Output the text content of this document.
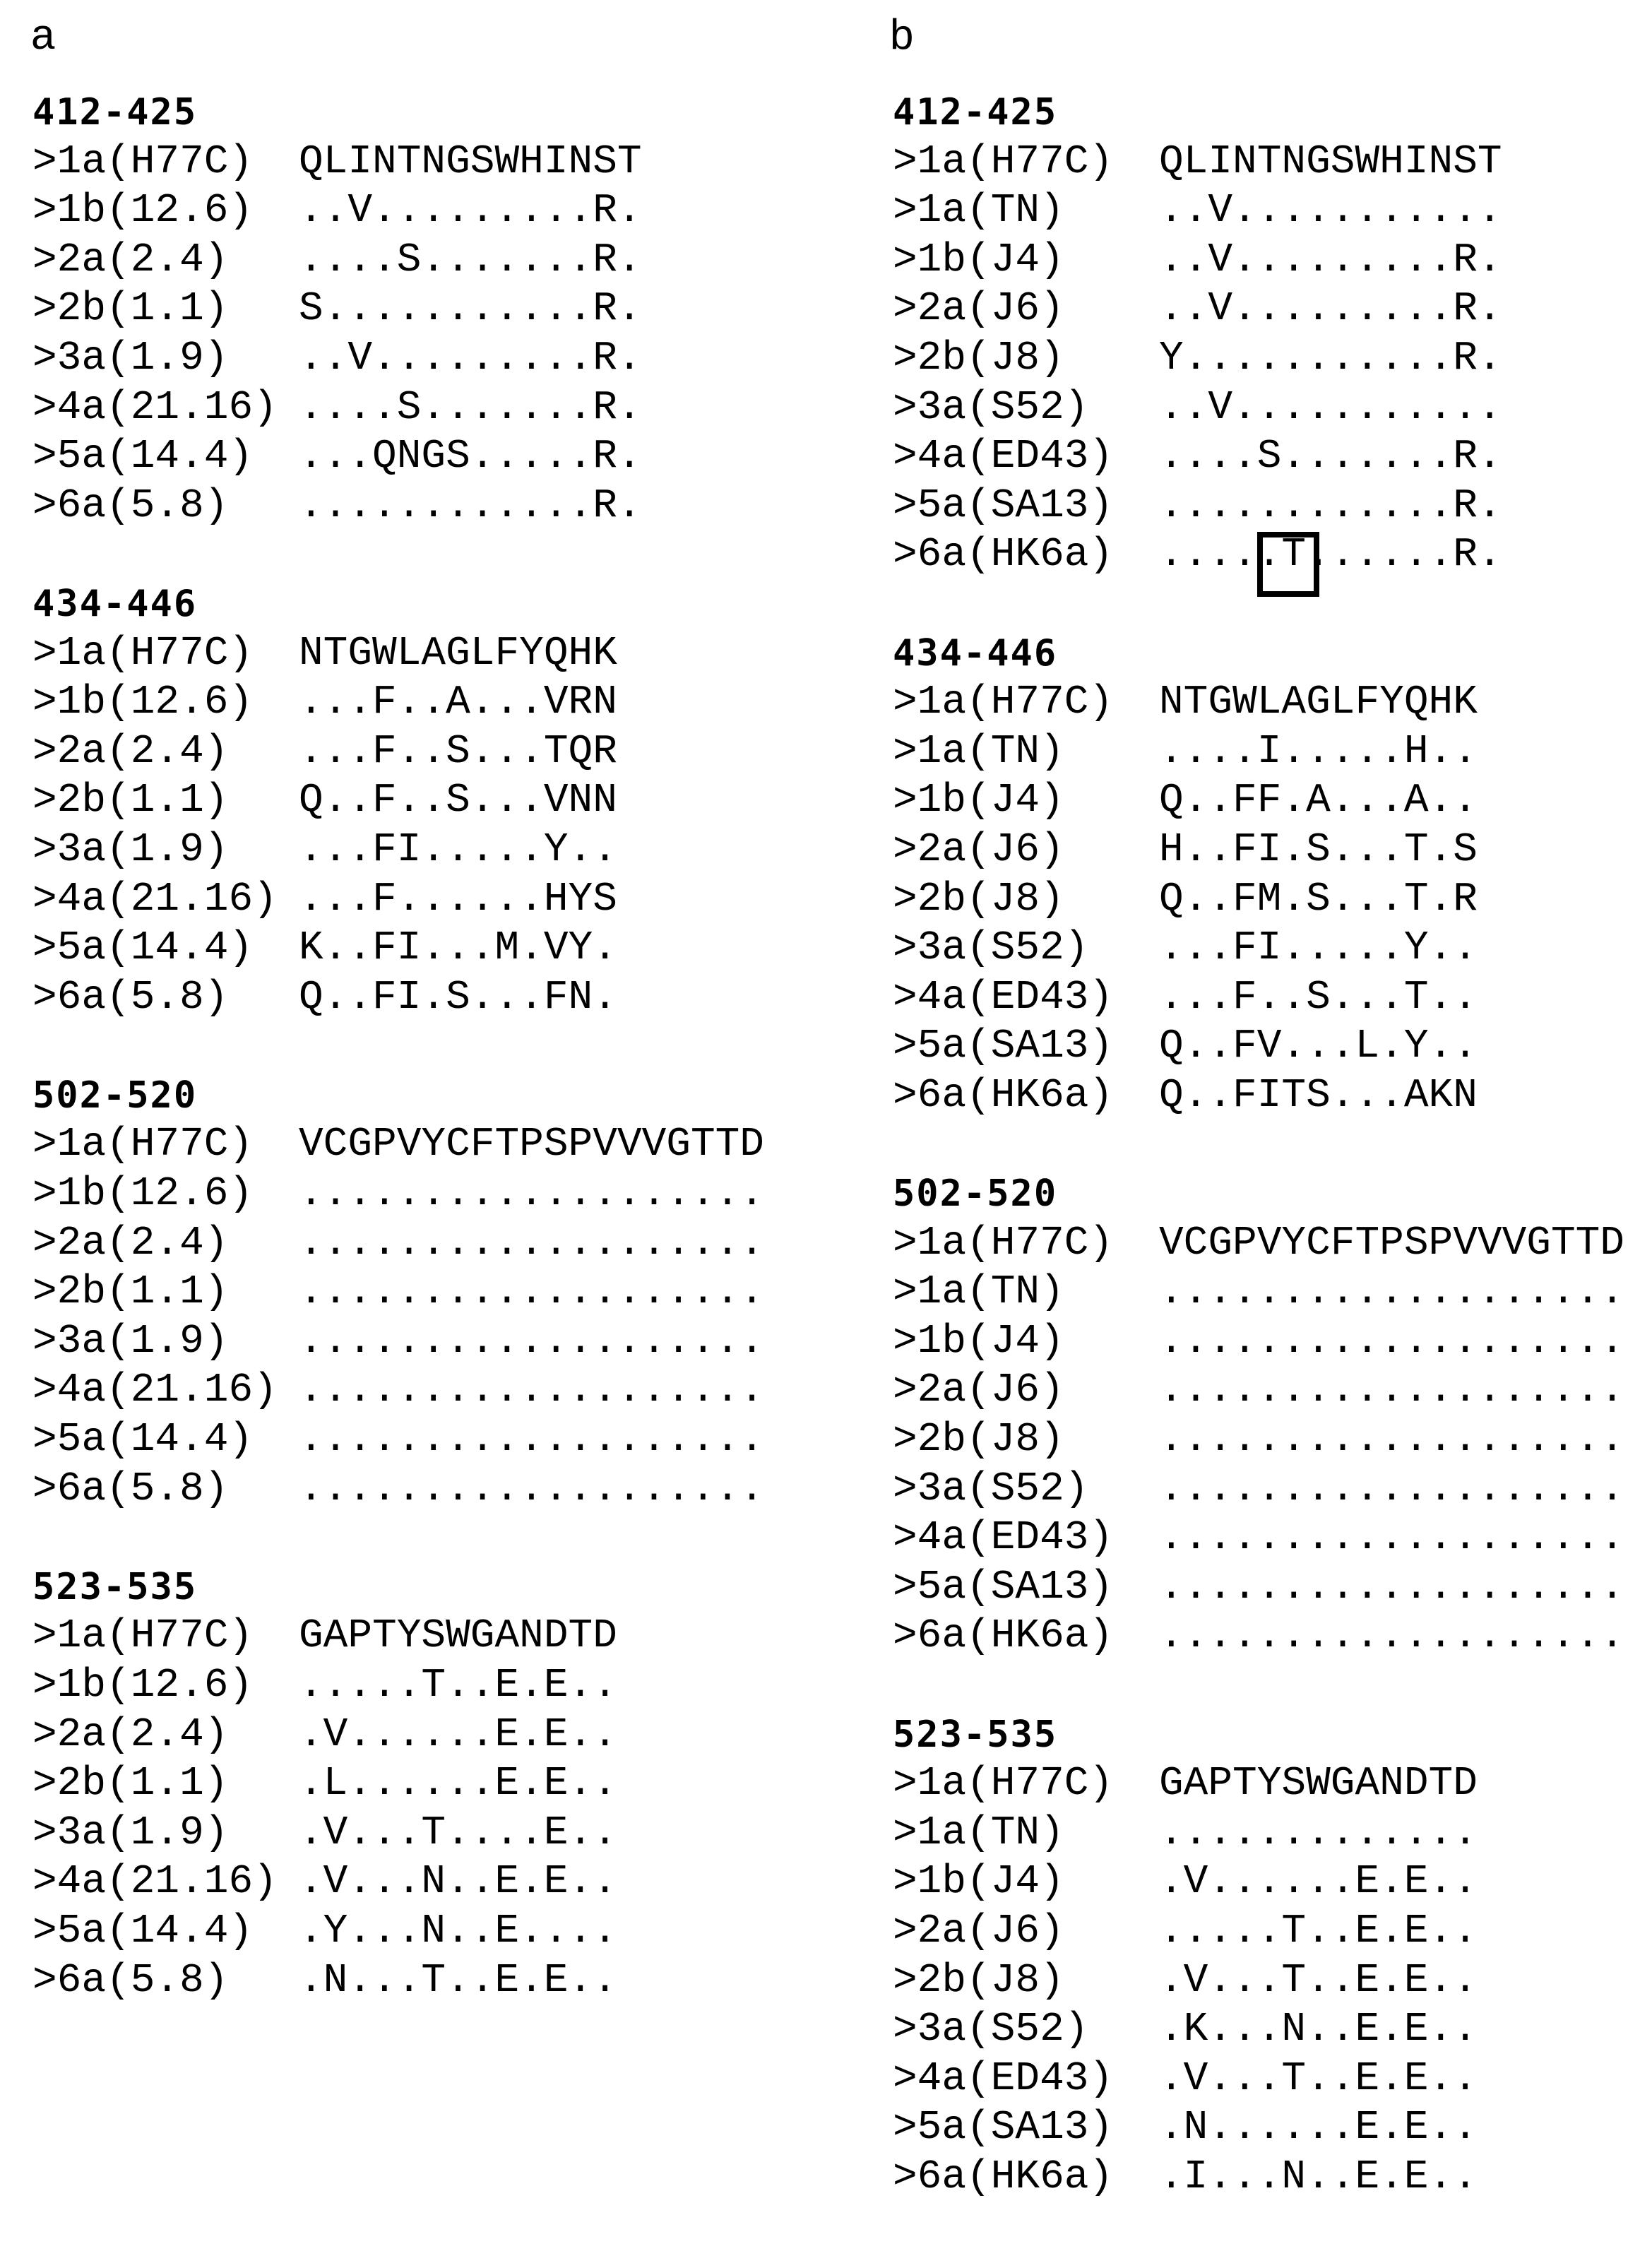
a	b
412-425
>1a(H77C) QLINTNGSWHINST
>1b(12.6) ..V.........R.
>2a(2.4) ....S.......R.
>2b(1.1) S...........R.
>3a(1.9) ..V.........R.
>4a(21.16) ....S.......R.
>5a(14.4) ...QNGS.....R.
>6a(5.8) ............R.
434-446
>1a(H77C) NTGWLAGLFYQHK
>1b(12.6) ...F..A...VRN
>2a(2.4) ...F..S...TQR
>2b(1.1) Q..F..S...VNN
>3a(1.9) ...FI.....Y..
>4a(21.16) ...F......HYS
>5a(14.4) K..FI...M.VY.
>6a(5.8) Q..FI.S...FN.
502-520
>1a(H77C) VCGPVYCFTPSPVVVGTTD
>1b(12.6) ...................
>2a(2.4) ...................
>2b(1.1) ...................
>3a(1.9) ...................
>4a(21.16) ...................
>5a(14.4) ...................
>6a(5.8) ...................
523-535
>1a(H77C) GAPTYSWGANDTD
>1b(12.6) .....T..E.E..
>2a(2.4) .V......E.E..
>2b(1.1) .L......E.E..
>3a(1.9) .V...T....E..
>4a(21.16) .V...N..E.E..
>5a(14.4) .Y...N..E....
>6a(5.8) .N...T..E.E..
412-425
>1a(H77C) QLINTNGSWHINST
>1a(TN) ..V...........
>1b(J4) ..V.........R.
>2a(J6) ..V.........R.
>2b(J8) Y...........R.
>3a(S52) ..V...........
>4a(ED43) ....S.......R.
>5a(SA13) ............R.
>6a(HK6a) .....T......R.
434-446
>1a(H77C) NTGWLAGLFYQHK
>1a(TN) ....I.....H..
>1b(J4) Q..FF.A...A..
>2a(J6) H..FI.S...T.S
>2b(J8) Q..FM.S...T.R
>3a(S52) ...FI.....Y..
>4a(ED43) ...F..S...T..
>5a(SA13) Q..FV...L.Y..
>6a(HK6a) Q..FITS...AKN
502-520
>1a(H77C) VCGPVYCFTPSPVVVGTTD
>1a(TN) ...................
>1b(J4) ...................
>2a(J6) ...................
>2b(J8) ...................
>3a(S52) ...................
>4a(ED43) ...................
>5a(SA13) ...................
>6a(HK6a) ...................
523-535
>1a(H77C) GAPTYSWGANDTD
>1a(TN) .............
>1b(J4) .V......E.E..
>2a(J6) .....T..E.E..
>2b(J8) .V...T..E.E..
>3a(S52) .K...N..E.E..
>4a(ED43) .V...T..E.E..
>5a(SA13) .N......E.E..
>6a(HK6a) .I...N..E.E..
